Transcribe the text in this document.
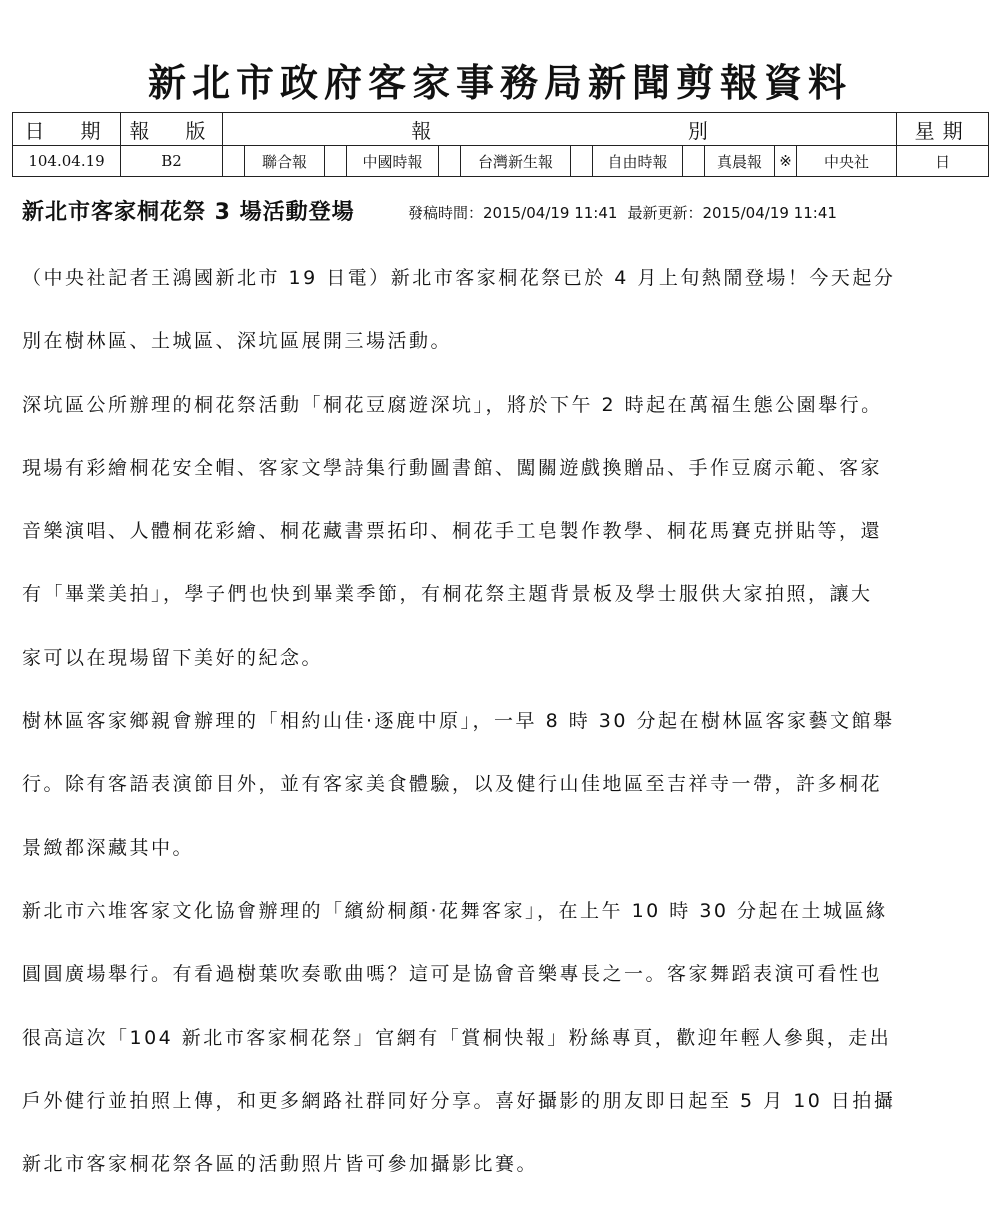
新北市政府客家事務局新聞剪報資料
日　期	報　版	報 別												星期
104.04.19	B2		聯合報		中國時報		台灣新生報		自由時報		真晨報	※	中央社	日
新北市客家桐花祭 3 場活動登場	發稿時間：2015/04/19 11:41 最新更新：2015/04/19 11:41
（中央社記者王鴻國新北市 19 日電）新北市客家桐花祭已於 4 月上旬熱鬧登場！今天起分
別在樹林區、土城區、深坑區展開三場活動。
深坑區公所辦理的桐花祭活動「桐花豆腐遊深坑」，將於下午 2 時起在萬福生態公園舉行。
現場有彩繪桐花安全帽、客家文學詩集行動圖書館、闖關遊戲換贈品、手作豆腐示範、客家
音樂演唱、人體桐花彩繪、桐花藏書票拓印、桐花手工皂製作教學、桐花馬賽克拼貼等，還
有「畢業美拍」，學子們也快到畢業季節，有桐花祭主題背景板及學士服供大家拍照，讓大
家可以在現場留下美好的紀念。
樹林區客家鄉親會辦理的「相約山佳·逐鹿中原」，一早 8 時 30 分起在樹林區客家藝文館舉
行。除有客語表演節目外，並有客家美食體驗，以及健行山佳地區至吉祥寺一帶，許多桐花
景緻都深藏其中。
新北市六堆客家文化協會辦理的「繽紛桐顏·花舞客家」，在上午 10 時 30 分起在土城區緣
圓圓廣場舉行。有看過樹葉吹奏歌曲嗎？這可是協會音樂專長之一。客家舞蹈表演可看性也
很高這次「104 新北市客家桐花祭」官網有「賞桐快報」粉絲專頁，歡迎年輕人參與，走出
戶外健行並拍照上傳，和更多網路社群同好分享。喜好攝影的朋友即日起至 5 月 10 日拍攝
新北市客家桐花祭各區的活動照片皆可參加攝影比賽。
